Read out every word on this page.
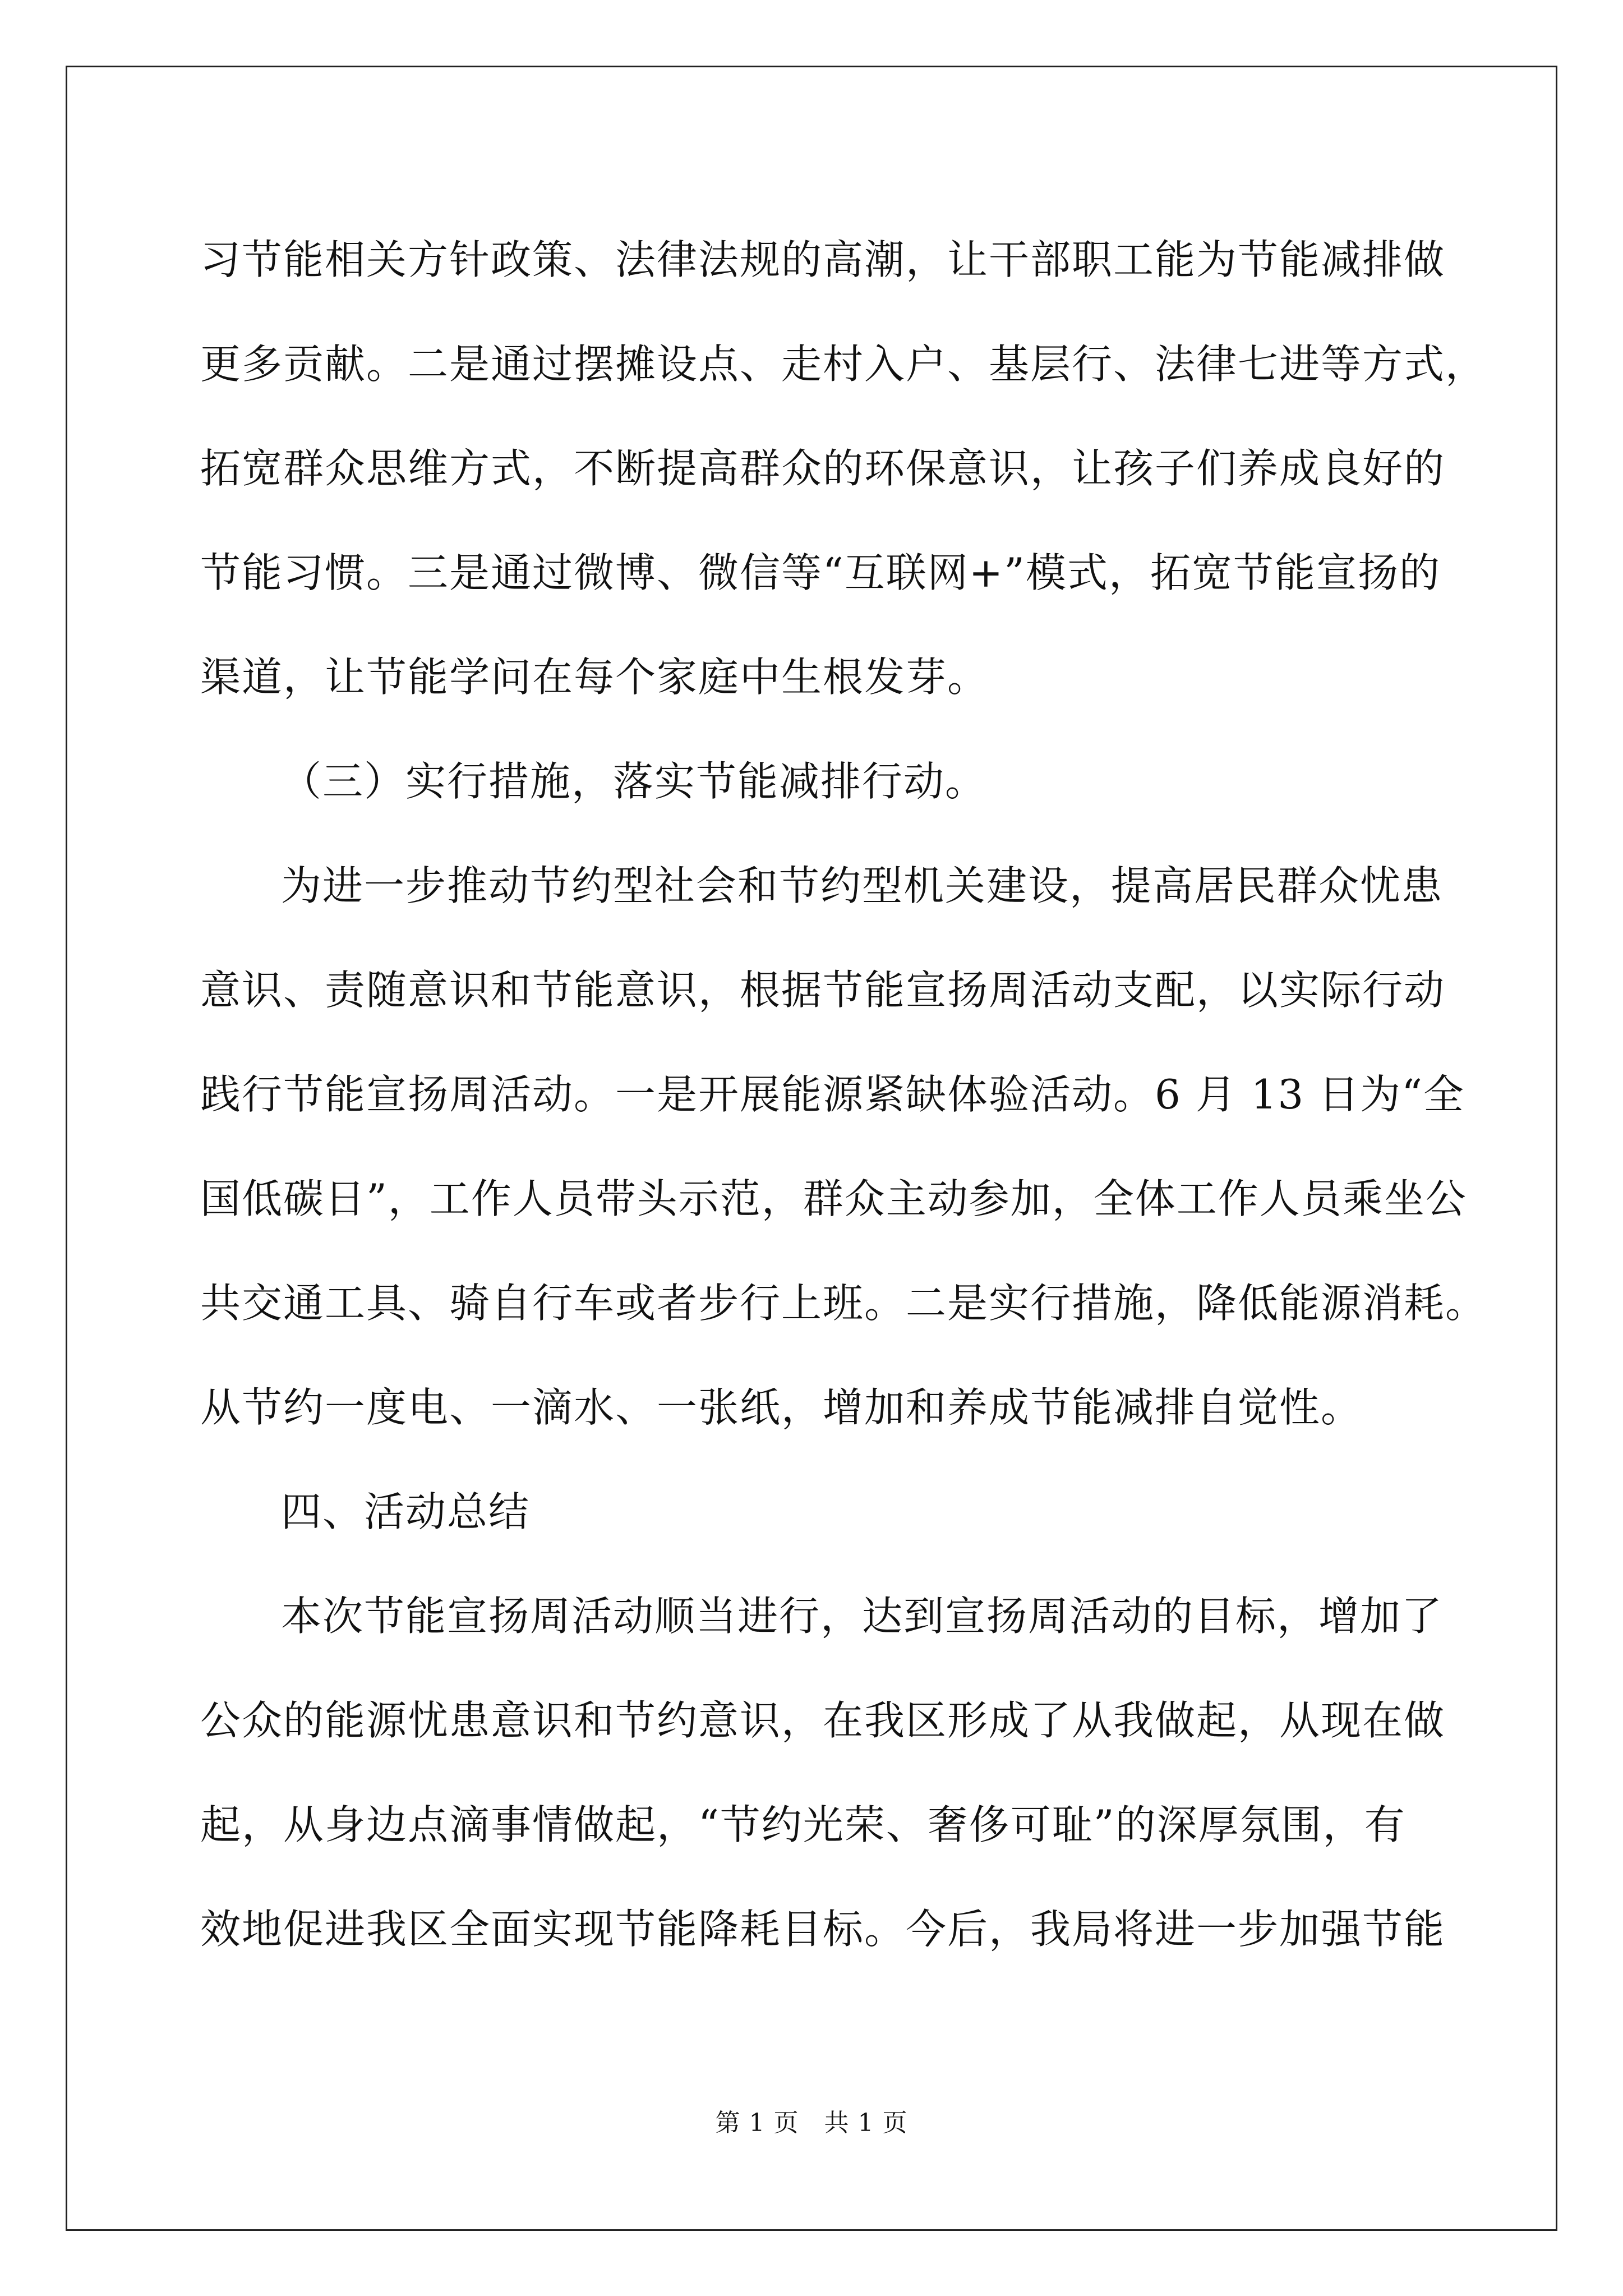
习节能相关方针政策、法律法规的高潮，让干部职工能为节能减排做
更多贡献。二是通过摆摊设点、走村入户、基层行、法律七进等方式，
拓宽群众思维方式，不断提高群众的环保意识，让孩子们养成良好的
节能习惯。三是通过微博、微信等“互联网+”模式，拓宽节能宣扬的
渠道，让节能学问在每个家庭中生根发芽。
（三）实行措施，落实节能减排行动。
为进一步推动节约型社会和节约型机关建设，提高居民群众忧患
意识、责随意识和节能意识，根据节能宣扬周活动支配，以实际行动
践行节能宣扬周活动。一是开展能源紧缺体验活动。6 月 13 日为“全
国低碳日”，工作人员带头示范，群众主动参加，全体工作人员乘坐公
共交通工具、骑自行车或者步行上班。二是实行措施，降低能源消耗。
从节约一度电、一滴水、一张纸，增加和养成节能减排自觉性。
四、活动总结
本次节能宣扬周活动顺当进行，达到宣扬周活动的目标，增加了
公众的能源忧患意识和节约意识，在我区形成了从我做起，从现在做
起，从身边点滴事情做起，“节约光荣、奢侈可耻”的深厚氛围，有
效地促进我区全面实现节能降耗目标。今后，我局将进一步加强节能
第 1 页　共 1 页
